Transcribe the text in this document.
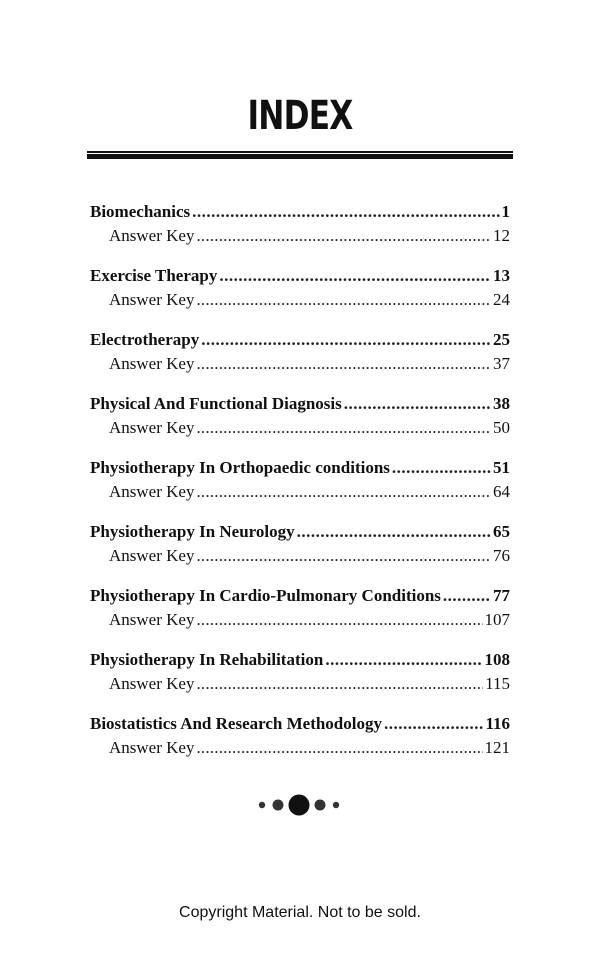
INDEX
Biomechanics .....	1
Answer Key .....	12
Exercise Therapy .....	13
Answer Key .....	24
Electrotherapy .....	25
Answer Key .....	37
Physical And Functional Diagnosis .....	38
Answer Key .....	50
Physiotherapy In Orthopaedic conditions .....	51
Answer Key .....	64
Physiotherapy In Neurology .....	65
Answer Key .....	76
Physiotherapy In Cardio-Pulmonary Conditions .....	77
Answer Key .....	107
Physiotherapy In Rehabilitation .....	108
Answer Key .....	115
Biostatistics And Research Methodology .....	116
Answer Key .....	121
Copyright Material. Not to be sold.
